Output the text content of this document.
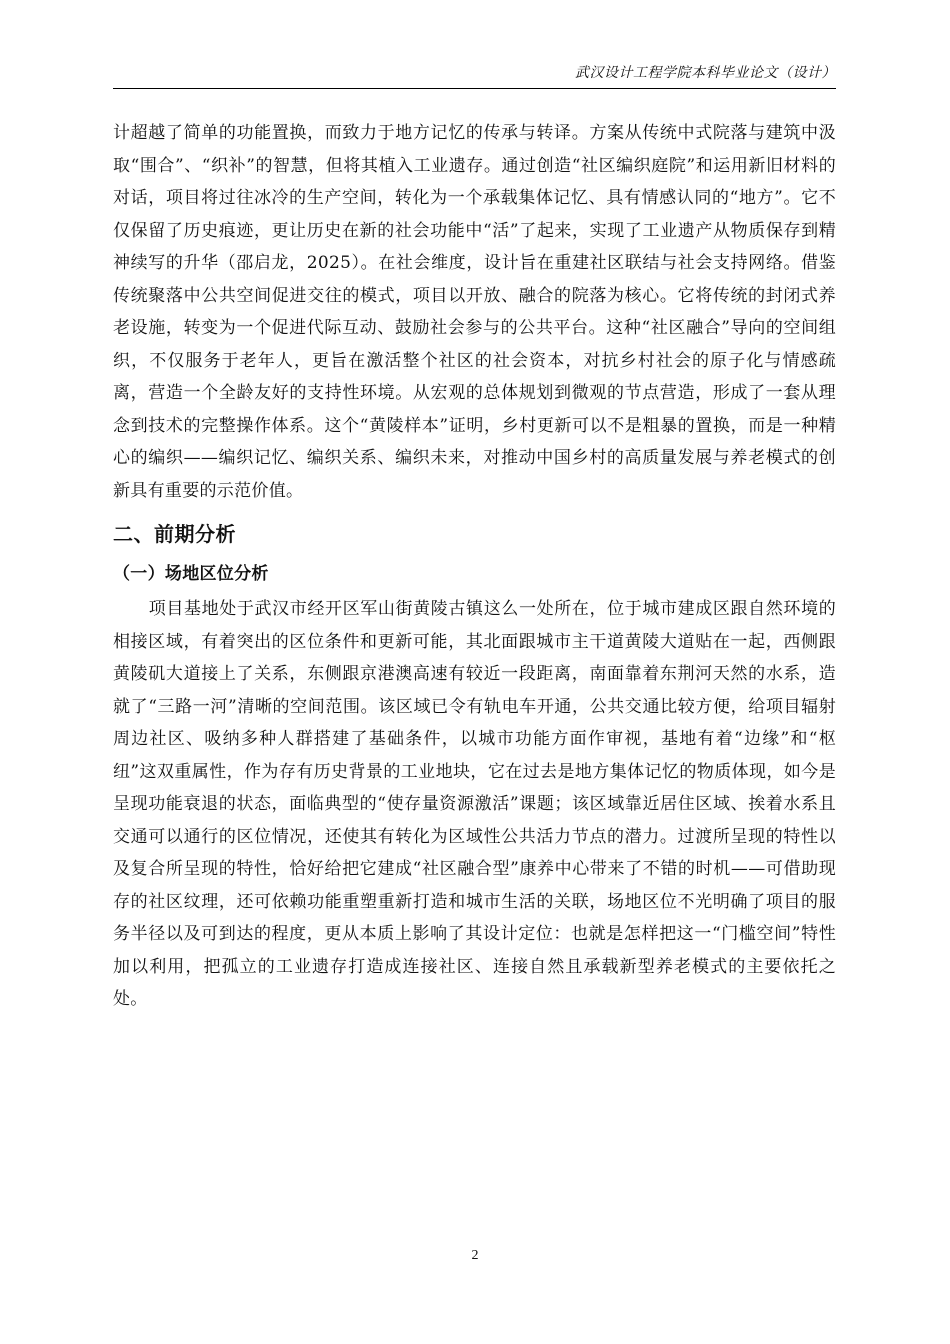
武汉设计工程学院本科毕业论文（设计）

计超越了简单的功能置换，而致力于地方记忆的传承与转译。方案从传统中式院落与建筑中汲取“围合”、“织补”的智慧，但将其植入工业遗存。通过创造“社区编织庭院”和运用新旧材料的对话，项目将过往冰冷的生产空间，转化为一个承载集体记忆、具有情感认同的“地方”。它不仅保留了历史痕迹，更让历史在新的社会功能中“活”了起来，实现了工业遗产从物质保存到精神续写的升华（邵启龙，2025）。在社会维度，设计旨在重建社区联结与社会支持网络。借鉴传统聚落中公共空间促进交往的模式，项目以开放、融合的院落为核心。它将传统的封闭式养老设施，转变为一个促进代际互动、鼓励社会参与的公共平台。这种“社区融合”导向的空间组织，不仅服务于老年人，更旨在激活整个社区的社会资本，对抗乡村社会的原子化与情感疏离，营造一个全龄友好的支持性环境。从宏观的总体规划到微观的节点营造，形成了一套从理念到技术的完整操作体系。这个“黄陵样本”证明，乡村更新可以不是粗暴的置换，而是一种精心的编织——编织记忆、编织关系、编织未来，对推动中国乡村的高质量发展与养老模式的创新具有重要的示范价值。

二、前期分析
（一）场地区位分析

项目基地处于武汉市经开区军山街黄陵古镇这么一处所在，位于城市建成区跟自然环境的相接区域，有着突出的区位条件和更新可能，其北面跟城市主干道黄陵大道贴在一起，西侧跟黄陵矶大道接上了关系，东侧跟京港澳高速有较近一段距离，南面靠着东荆河天然的水系，造就了“三路一河”清晰的空间范围。该区域已令有轨电车开通，公共交通比较方便，给项目辐射周边社区、吸纳多种人群搭建了基础条件，以城市功能方面作审视，基地有着“边缘”和“枢纽”这双重属性，作为存有历史背景的工业地块，它在过去是地方集体记忆的物质体现，如今是呈现功能衰退的状态，面临典型的“使存量资源激活”课题；该区域靠近居住区域、挨着水系且交通可以通行的区位情况，还使其有转化为区域性公共活力节点的潜力。过渡所呈现的特性以及复合所呈现的特性，恰好给把它建成“社区融合型”康养中心带来了不错的时机——可借助现存的社区纹理，还可依赖功能重塑重新打造和城市生活的关联，场地区位不光明确了项目的服务半径以及可到达的程度，更从本质上影响了其设计定位：也就是怎样把这一“门槛空间”特性加以利用，把孤立的工业遗存打造成连接社区、连接自然且承载新型养老模式的主要依托之处。

2
